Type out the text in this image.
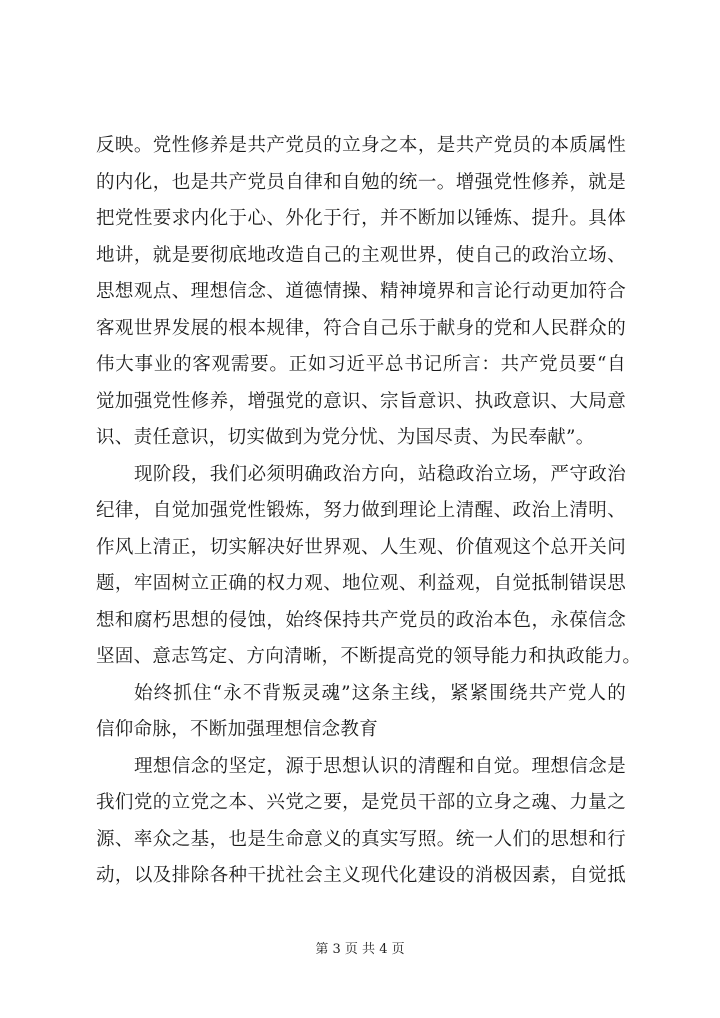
反映。党性修养是共产党员的立身之本，是共产党员的本质属性
的内化，也是共产党员自律和自勉的统一。增强党性修养，就是
把党性要求内化于心、外化于行，并不断加以锤炼、提升。具体
地讲，就是要彻底地改造自己的主观世界，使自己的政治立场、
思想观点、理想信念、道德情操、精神境界和言论行动更加符合
客观世界发展的根本规律，符合自己乐于献身的党和人民群众的
伟大事业的客观需要。正如习近平总书记所言：共产党员要“自
觉加强党性修养，增强党的意识、宗旨意识、执政意识、大局意
识、责任意识，切实做到为党分忧、为国尽责、为民奉献”。
现阶段，我们必须明确政治方向，站稳政治立场，严守政治
纪律，自觉加强党性锻炼，努力做到理论上清醒、政治上清明、
作风上清正，切实解决好世界观、人生观、价值观这个总开关问
题，牢固树立正确的权力观、地位观、利益观，自觉抵制错误思
想和腐朽思想的侵蚀，始终保持共产党员的政治本色，永葆信念
坚固、意志笃定、方向清晰，不断提高党的领导能力和执政能力。
始终抓住“永不背叛灵魂”这条主线，紧紧围绕共产党人的
信仰命脉，不断加强理想信念教育
理想信念的坚定，源于思想认识的清醒和自觉。理想信念是
我们党的立党之本、兴党之要，是党员干部的立身之魂、力量之
源、率众之基，也是生命意义的真实写照。统一人们的思想和行
动，以及排除各种干扰社会主义现代化建设的消极因素，自觉抵
第 3 页 共 4 页
